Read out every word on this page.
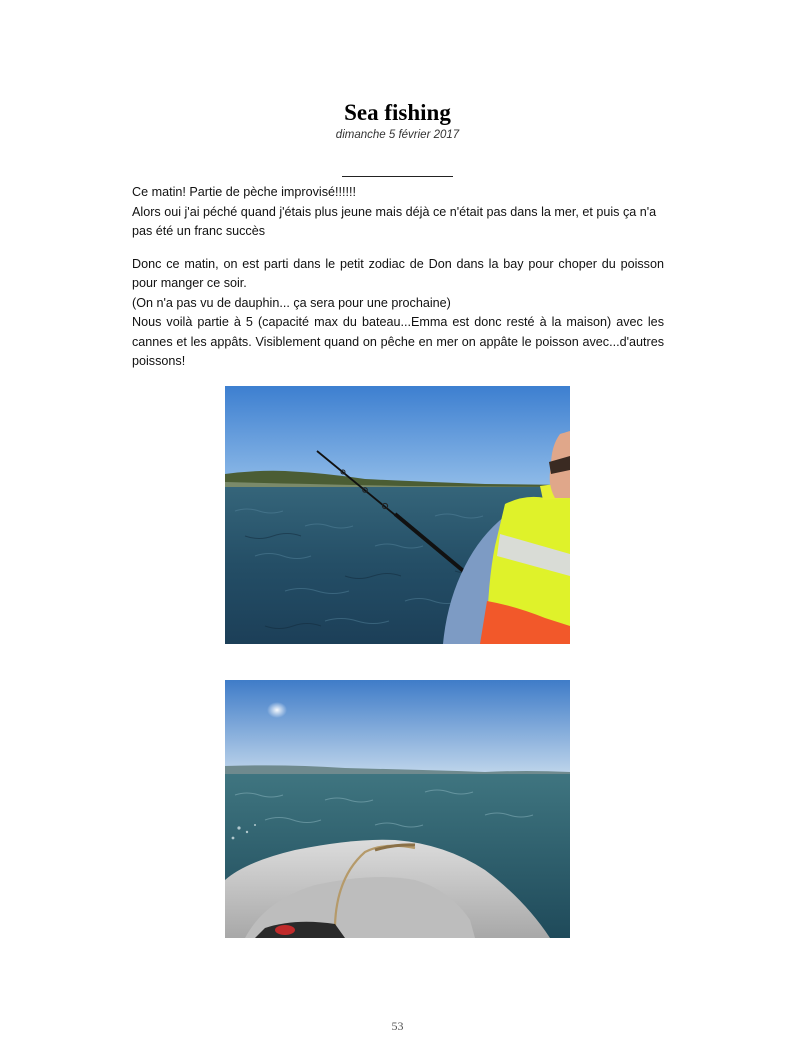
Sea fishing
dimanche 5 février 2017

Ce matin! Partie de pèche improvisé!!!!!!

Alors oui j'ai péché quand j'étais plus jeune mais déjà ce n'était pas dans la mer, et puis ça n'a pas été un franc succès

Donc ce matin, on est parti dans le petit zodiac de Don dans la bay pour choper du poisson pour manger ce soir.

(On n'a pas vu de dauphin... ça sera pour une prochaine)

Nous voilà partie à 5 (capacité max du bateau...Emma est donc resté à la maison) avec les cannes et les appâts. Visiblement quand on pêche en mer on appâte le poisson avec...d'autres poissons!

53
